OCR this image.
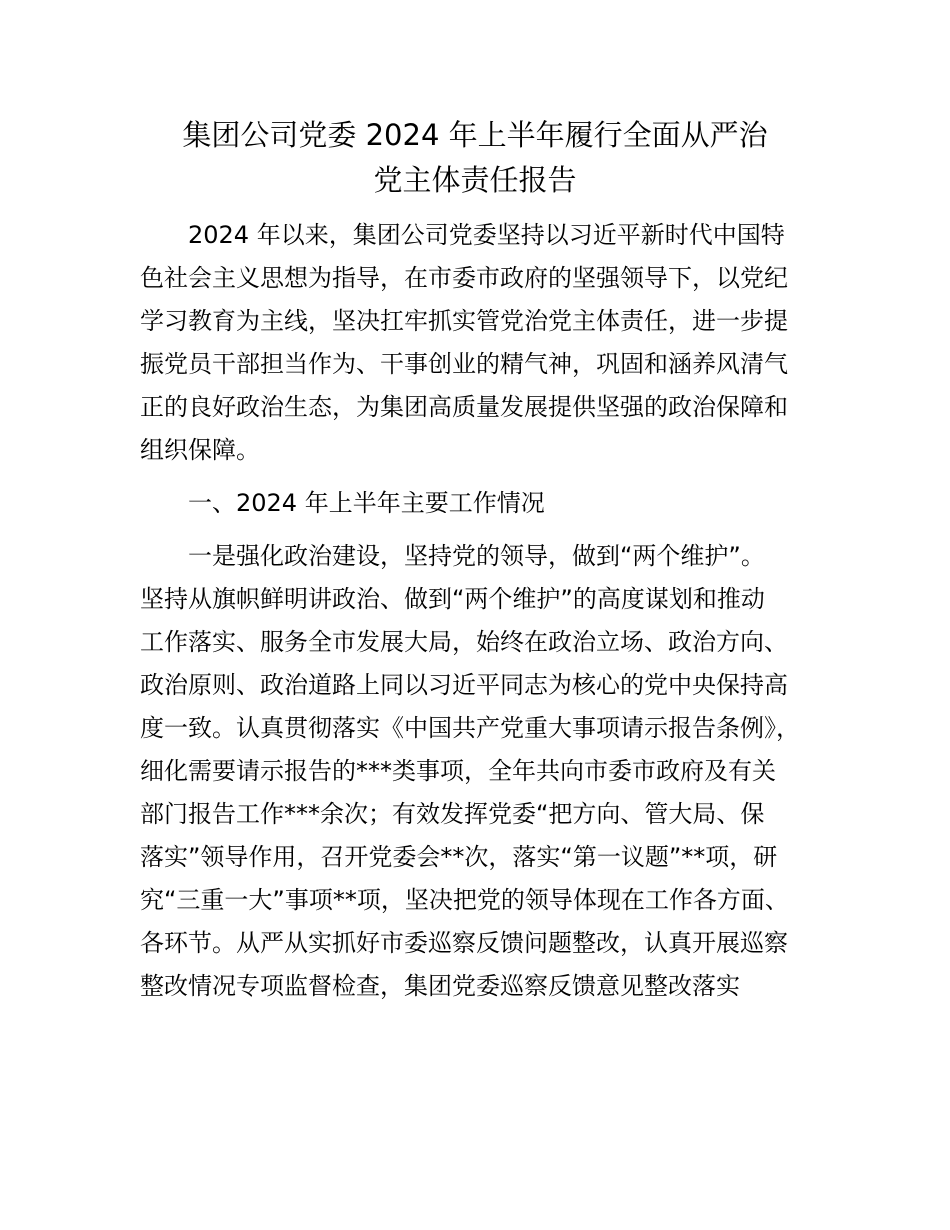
集团公司党委 2024 年上半年履行全面从严治
党主体责任报告
2024 年以来，集团公司党委坚持以习近平新时代中国特
色社会主义思想为指导，在市委市政府的坚强领导下，以党纪
学习教育为主线，坚决扛牢抓实管党治党主体责任，进一步提
振党员干部担当作为、干事创业的精气神，巩固和涵养风清气
正的良好政治生态，为集团高质量发展提供坚强的政治保障和
组织保障。
一、2024 年上半年主要工作情况
一是强化政治建设，坚持党的领导，做到“两个维护”。
坚持从旗帜鲜明讲政治、做到“两个维护”的高度谋划和推动
工作落实、服务全市发展大局，始终在政治立场、政治方向、
政治原则、政治道路上同以习近平同志为核心的党中央保持高
度一致。认真贯彻落实《中国共产党重大事项请示报告条例》，
细化需要请示报告的***类事项，全年共向市委市政府及有关
部门报告工作***余次；有效发挥党委“把方向、管大局、保
落实”领导作用，召开党委会**次，落实“第一议题”**项，研
究“三重一大”事项**项，坚决把党的领导体现在工作各方面、
各环节。从严从实抓好市委巡察反馈问题整改，认真开展巡察
整改情况专项监督检查，集团党委巡察反馈意见整改落实
